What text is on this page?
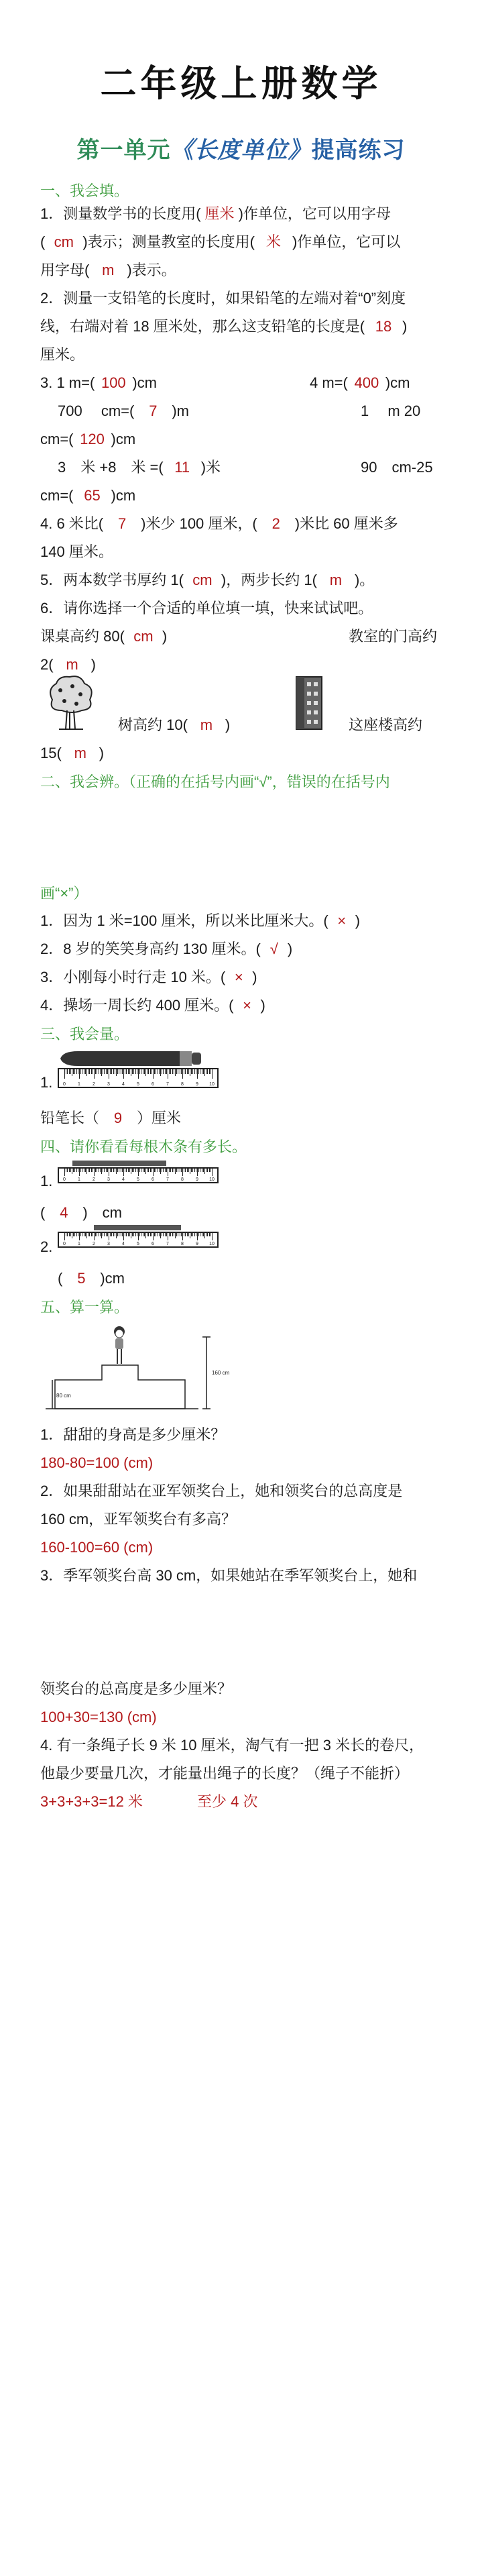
二年级上册数学
第一单元《长度单位》提高练习
一、我会填。
1．测量数学书的长度用( 厘米 )作单位，它可以用字母
( cm )表示；测量教室的长度用( 米 )作单位，它可以
用字母( m )表示。
2．测量一支铅笔的长度时，如果铅笔的左端对着“0”刻度
线，右端对着 18 厘米处，那么这支铅笔的长度是( 18 )
厘米。
3. 1 m=( 100 )cm	4 m=( 400 )cm
700　 cm=( 7 )m	1　 m 20
cm=( 120 )cm
3　米 +8　米 =( 11 )米	90　cm-25
cm=( 65 )cm
4. 6 米比( 7 )米少 100 厘米，( 2 )米比 60 厘米多
140 厘米。
5．两本数学书厚约 1( cm )，两步长约 1( m )。
6．请你选择一个合适的单位填一填，快来试试吧。
课桌高约 80( cm )	教室的门高约
2( m )
树高约 10( m )	这座楼高约
15( m )
二、我会辨。（正确的在括号内画“√”，错误的在括号内
画“×”）
1．因为 1 米=100 厘米，所以米比厘米大。( × )
2．8 岁的笑笑身高约 130 厘米。( √ )
3．小刚每小时行走 10 米。( × )
4．操场一周长约 400 厘米。( × )
三、我会量。
1. 0	1	2	3	4	5	6	7	8	9 10
铅笔长（ 9 ）厘米
四、请你看看每根木条有多长。
1. 0	1	2	3	4	5	6	7	8	9 10
( 4 )　cm
2. 0	1	2	3	4	5	6	7	8	9 10
( 5 )cm
五、算一算。
80 cm
160 cm
1．甜甜的身高是多少厘米？
180-80=100 (cm)
2．如果甜甜站在亚军领奖台上，她和领奖台的总高度是
160 cm，亚军领奖台有多高？
160-100=60 (cm)
3．季军领奖台高 30 cm，如果她站在季军领奖台上，她和
领奖台的总高度是多少厘米？
100+30=130 (cm)
4. 有一条绳子长 9 米 10 厘米，淘气有一把 3 米长的卷尺，
他最少要量几次，才能量出绳子的长度？（绳子不能折）
3+3+3+3=12 米	至少 4 次
